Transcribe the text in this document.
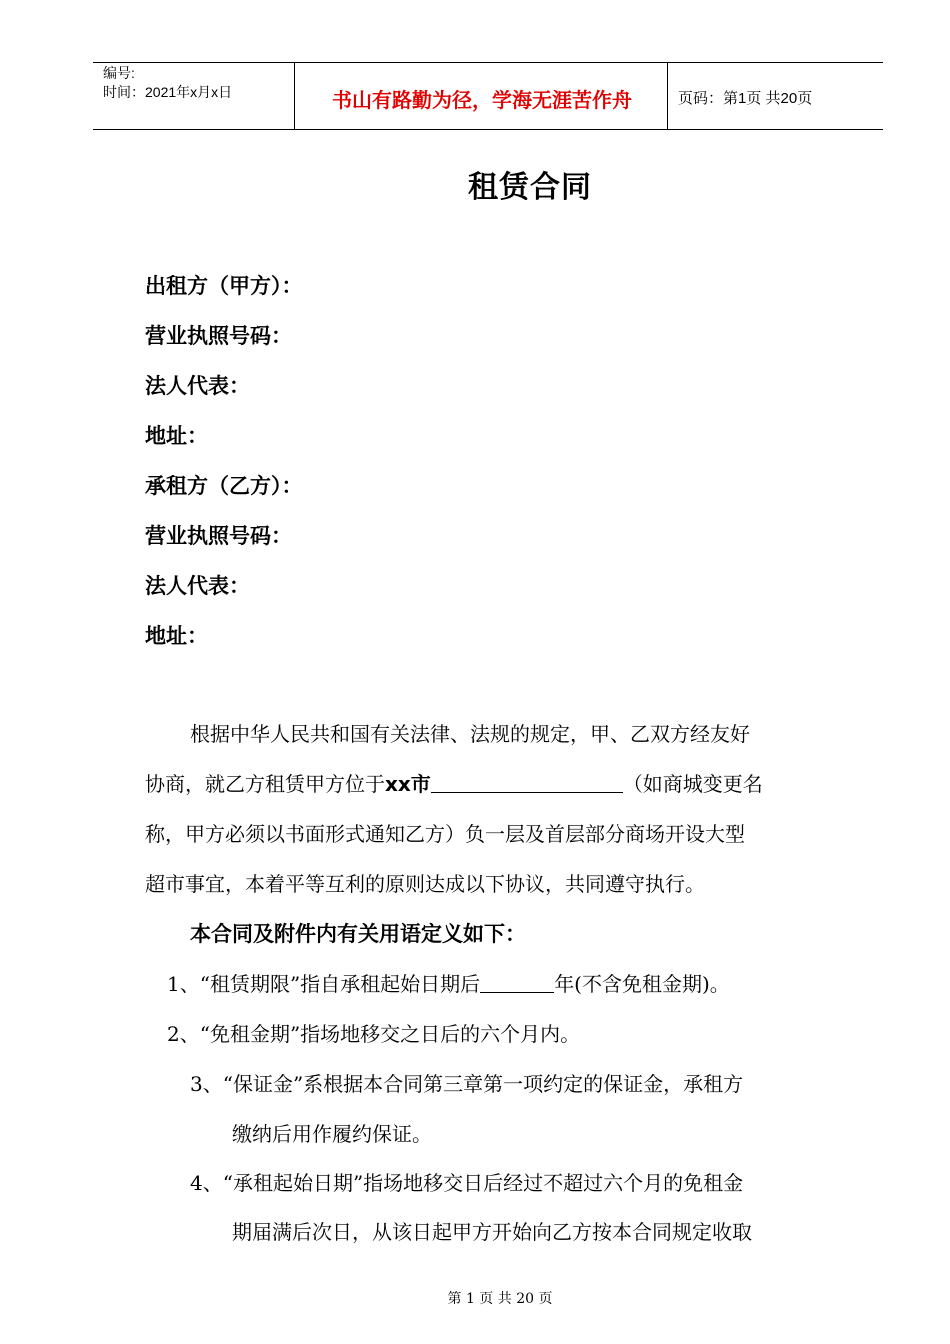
编号:
时间：2021年x月x日	书山有路勤为径，学海无涯苦作舟	页码：第1页 共20页
租赁合同
出租方（甲方）：
营业执照号码：
法人代表：
地址：
承租方（乙方）：
营业执照号码：
法人代表：
地址：
根据中华人民共和国有关法律、法规的规定，甲、乙双方经友好
协商，就乙方租赁甲方位于xx市	（如商城变更名
称，甲方必须以书面形式通知乙方）负一层及首层部分商场开设大型
超市事宜，本着平等互利的原则达成以下协议，共同遵守执行。
本合同及附件内有关用语定义如下：
1、“租赁期限”指自承租起始日期后	年(不含免租金期)。
2、“免租金期”指场地移交之日后的六个月内。
3、“保证金”系根据本合同第三章第一项约定的保证金，承租方
缴纳后用作履约保证。
4、“承租起始日期”指场地移交日后经过不超过六个月的免租金
期届满后次日，从该日起甲方开始向乙方按本合同规定收取
第 1 页 共 20 页
